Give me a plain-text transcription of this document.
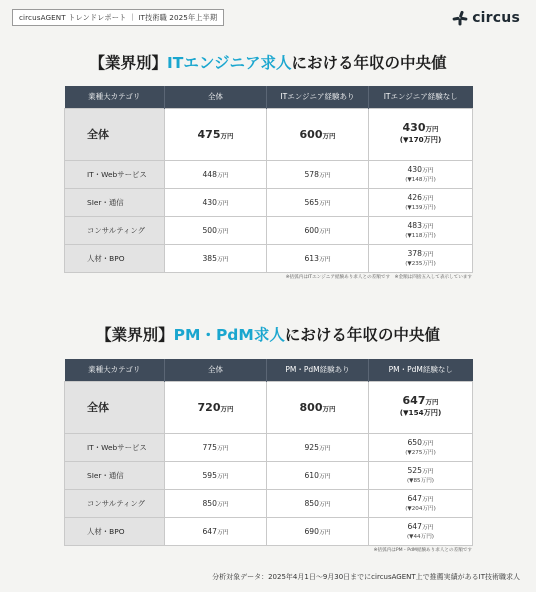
circusAGENT トレンドレポート ｜ IT技術職 2025年上半期	circus
【業界別】ITエンジニア求人における年収の中央値
業種大カテゴリ	全体	ITエンジニア経験あり	ITエンジニア経験なし
全体	475万円	600万円	430万円
(▼170万円)

IT・Webサービス	448万円	578万円	430万円
(▼148万円)

SIer・通信	430万円	565万円	426万円
(▼139万円)

コンサルティング	500万円	600万円	483万円
(▼118万円)

人材・BPO	385万円	613万円	378万円
(▼235万円)
※括弧内はITエンジニア経験あり求人との差額です　※金額は四捨五入して表示しています
【業界別】PM・PdM求人における年収の中央値
業種大カテゴリ	全体	PM・PdM経験あり	PM・PdM経験なし
全体	720万円	800万円	647万円
(▼154万円)

IT・Webサービス	775万円	925万円	650万円
(▼275万円)

SIer・通信	595万円	610万円	525万円
(▼85万円)

コンサルティング	850万円	850万円	647万円
(▼204万円)

人材・BPO	647万円	690万円	647万円
(▼44万円)
※括弧内はPM・PdM経験あり求人との差額です
分析対象データ：2025年4月1日〜9月30日までにcircusAGENT上で推薦実績があるIT技術職求人
